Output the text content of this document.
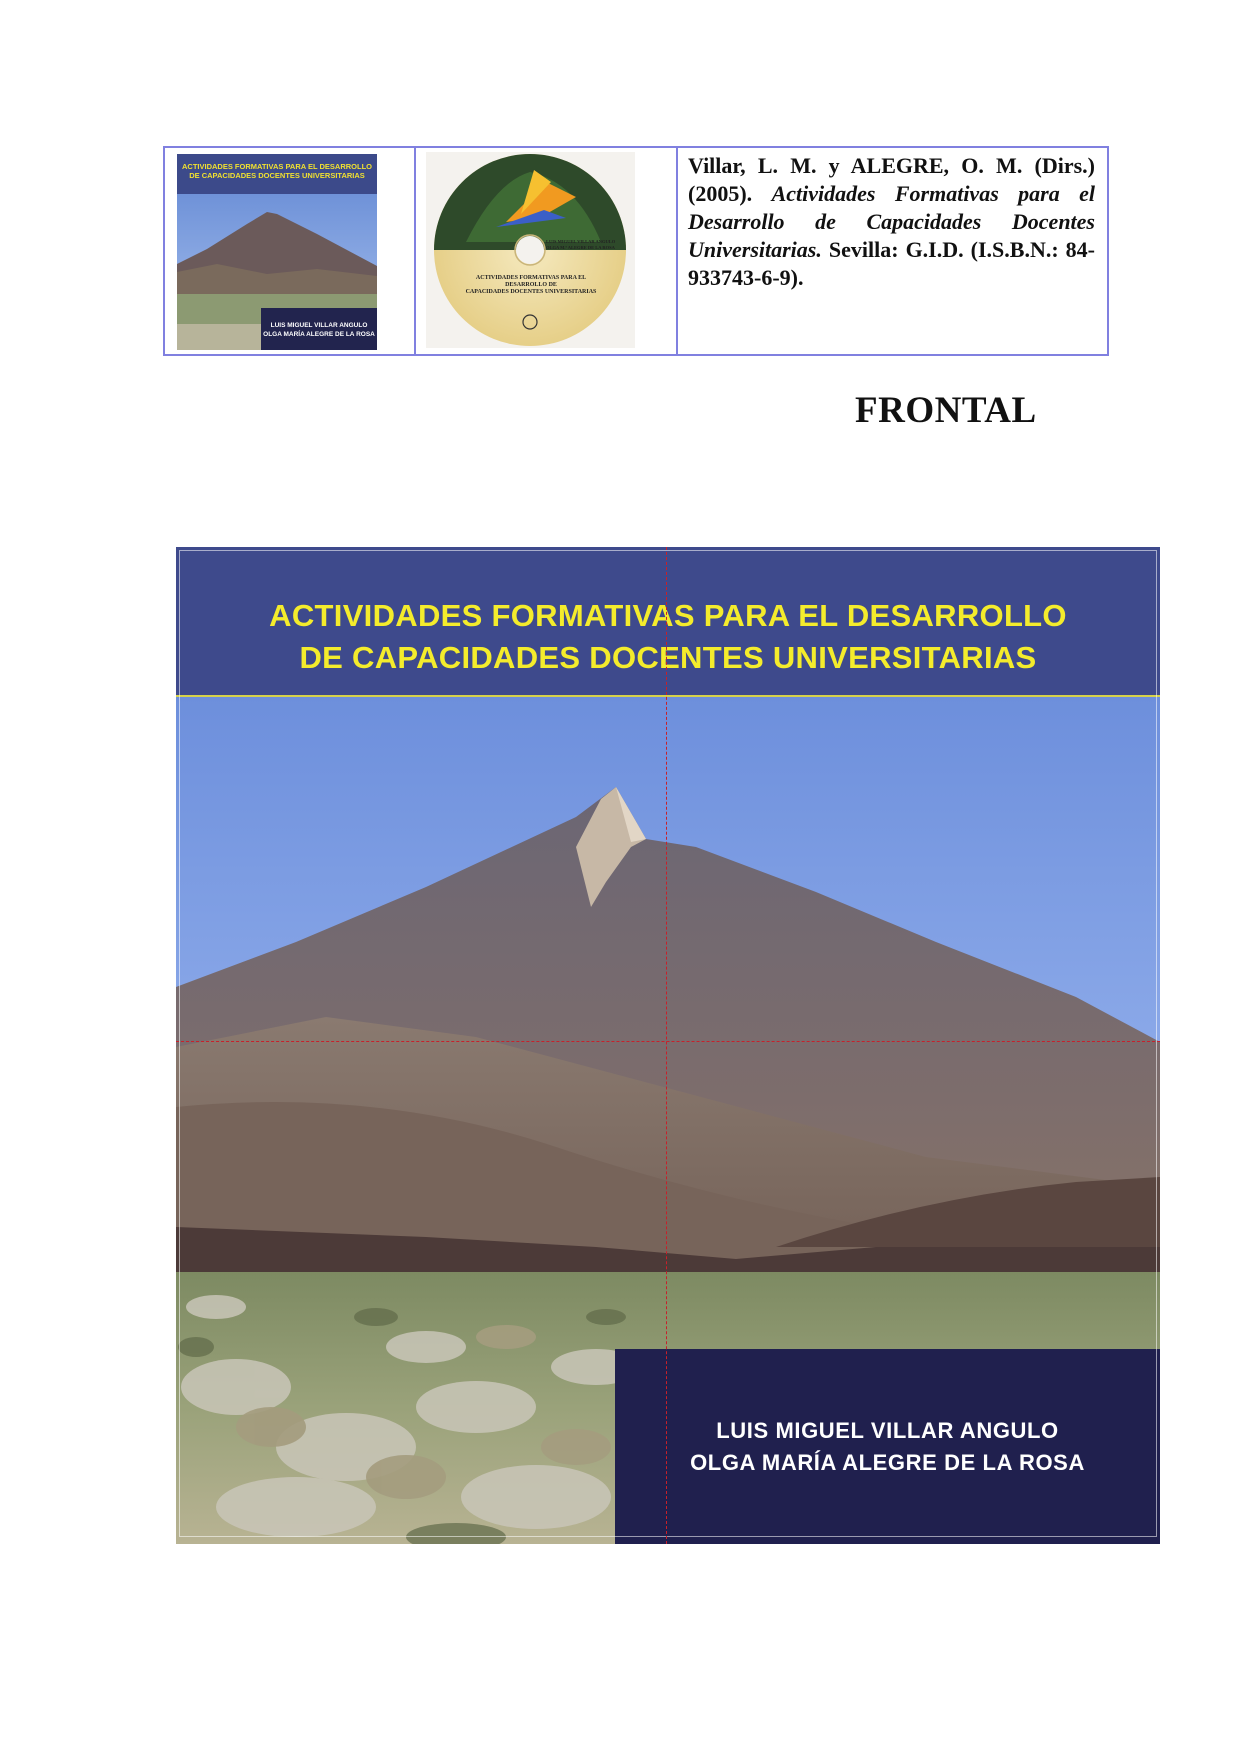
ACTIVIDADES FORMATIVAS PARA EL DESARROLLO
DE CAPACIDADES DOCENTES UNIVERSITARIAS
LUIS MIGUEL VILLAR ANGULO
OLGA MARÍA ALEGRE DE LA ROSA
ACTIVIDADES FORMATIVAS PARA EL DESARROLLO DE
CAPACIDADES DOCENTES UNIVERSITARIAS
LUIS MIGUEL VILLAR ANGULO
OLGA M.ª ALEGRE DE LA ROSA
Villar, L. M. y ALEGRE, O. M. (Dirs.) (2005). Actividades Formativas para el Desarrollo de Capacidades Docentes Universitarias. Sevilla: G.I.D. (I.S.B.N.: 84-933743-6-9).
FRONTAL
ACTIVIDADES FORMATIVAS PARA EL DESARROLLO
DE CAPACIDADES DOCENTES UNIVERSITARIAS
LUIS MIGUEL VILLAR ANGULO
OLGA MARÍA ALEGRE DE LA ROSA
